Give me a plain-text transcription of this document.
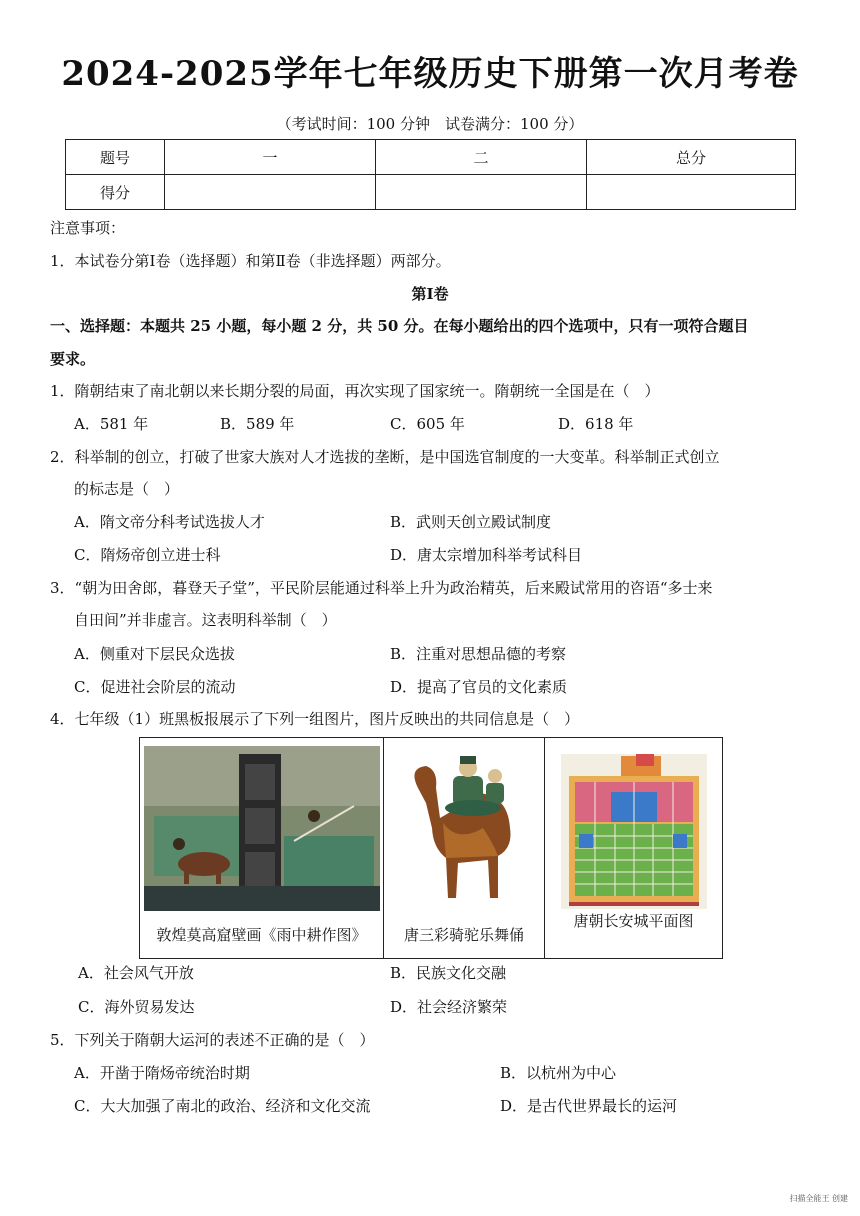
2024-2025学年七年级历史下册第一次月考卷
（考试时间：100 分钟　试卷满分：100 分）
题号	一	二	总分
得分			
注意事项：
1．本试卷分第Ⅰ卷（选择题）和第Ⅱ卷（非选择题）两部分。
第Ⅰ卷
一、选择题：本题共 25 小题，每小题 2 分，共 50 分。在每小题给出的四个选项中，只有一项符合题目
要求。
1．隋朝结束了南北朝以来长期分裂的局面，再次实现了国家统一。隋朝统一全国是在（　）
A．581 年	B．589 年	C．605 年	D．618 年
2．科举制的创立，打破了世家大族对人才选拔的垄断，是中国选官制度的一大变革。科举制正式创立
的标志是（　）
A．隋文帝分科考试选拔人才	B．武则天创立殿试制度
C．隋炀帝创立进士科	D．唐太宗增加科举考试科目
3．“朝为田舍郎，暮登天子堂”，平民阶层能通过科举上升为政治精英，后来殿试常用的咨语“多士来
自田间”并非虚言。这表明科举制（　）
A．侧重对下层民众选拔	B．注重对思想品德的考察
C．促进社会阶层的流动	D．提高了官员的文化素质
4．七年级（1）班黑板报展示了下列一组图片，图片反映出的共同信息是（　）
敦煌莫高窟壁画《雨中耕作图》	唐三彩骑驼乐舞俑
唐朝长安城平面图
A．社会风气开放	B．民族文化交融
C．海外贸易发达	D．社会经济繁荣
5．下列关于隋朝大运河的表述不正确的是（　）
A．开凿于隋炀帝统治时期	B．以杭州为中心
C．大大加强了南北的政治、经济和文化交流	D．是古代世界最长的运河
扫描全能王 创建
